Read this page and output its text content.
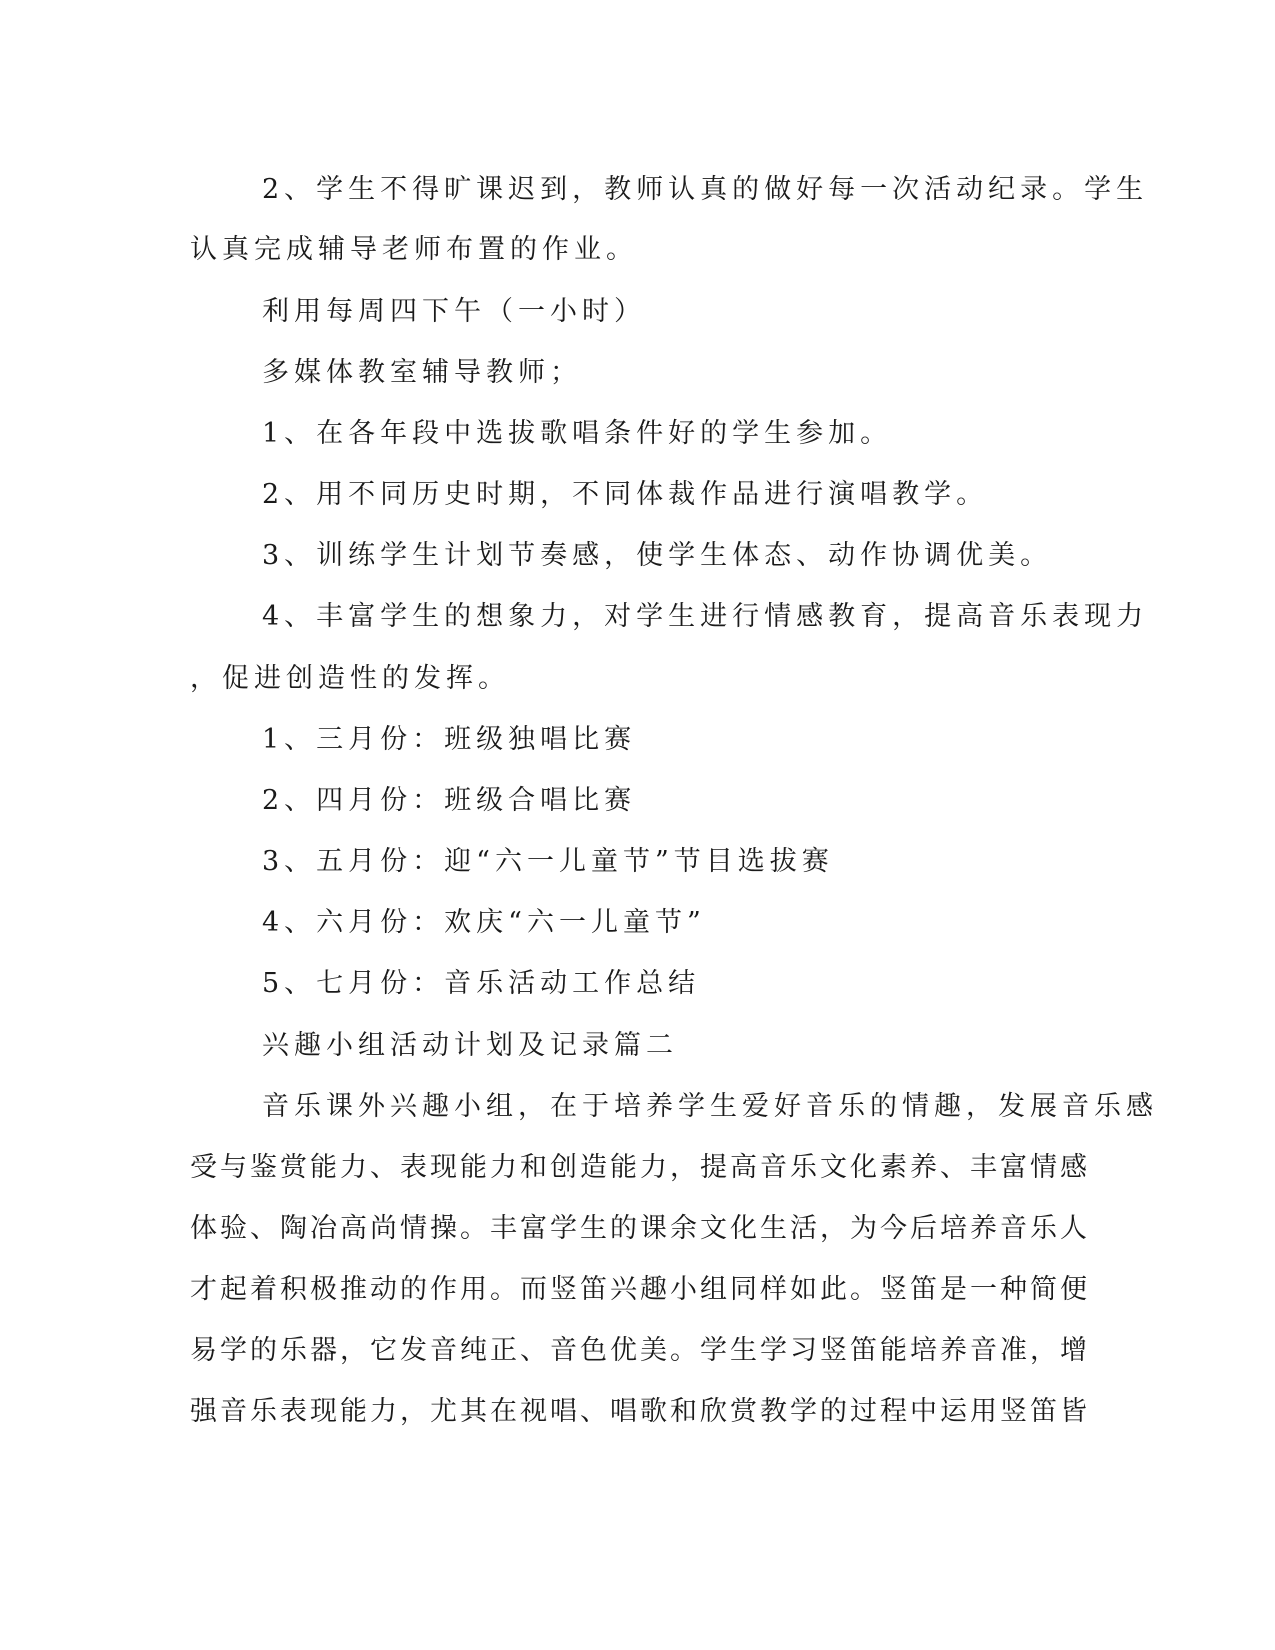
2、学生不得旷课迟到，教师认真的做好每一次活动纪录。学生
认真完成辅导老师布置的作业。
利用每周四下午（一小时）
多媒体教室辅导教师；
1、在各年段中选拔歌唱条件好的学生参加。
2、用不同历史时期，不同体裁作品进行演唱教学。
3、训练学生计划节奏感，使学生体态、动作协调优美。
4、丰富学生的想象力，对学生进行情感教育，提高音乐表现力
，促进创造性的发挥。
1、三月份：班级独唱比赛
2、四月份：班级合唱比赛
3、五月份：迎“六一儿童节”节目选拔赛
4、六月份：欢庆“六一儿童节”
5、七月份：音乐活动工作总结
兴趣小组活动计划及记录篇二
音乐课外兴趣小组，在于培养学生爱好音乐的情趣，发展音乐感
受与鉴赏能力、表现能力和创造能力，提高音乐文化素养、丰富情感
体验、陶冶高尚情操。丰富学生的课余文化生活，为今后培养音乐人
才起着积极推动的作用。而竖笛兴趣小组同样如此。竖笛是一种简便
易学的乐器，它发音纯正、音色优美。学生学习竖笛能培养音准，增
强音乐表现能力，尤其在视唱、唱歌和欣赏教学的过程中运用竖笛皆
